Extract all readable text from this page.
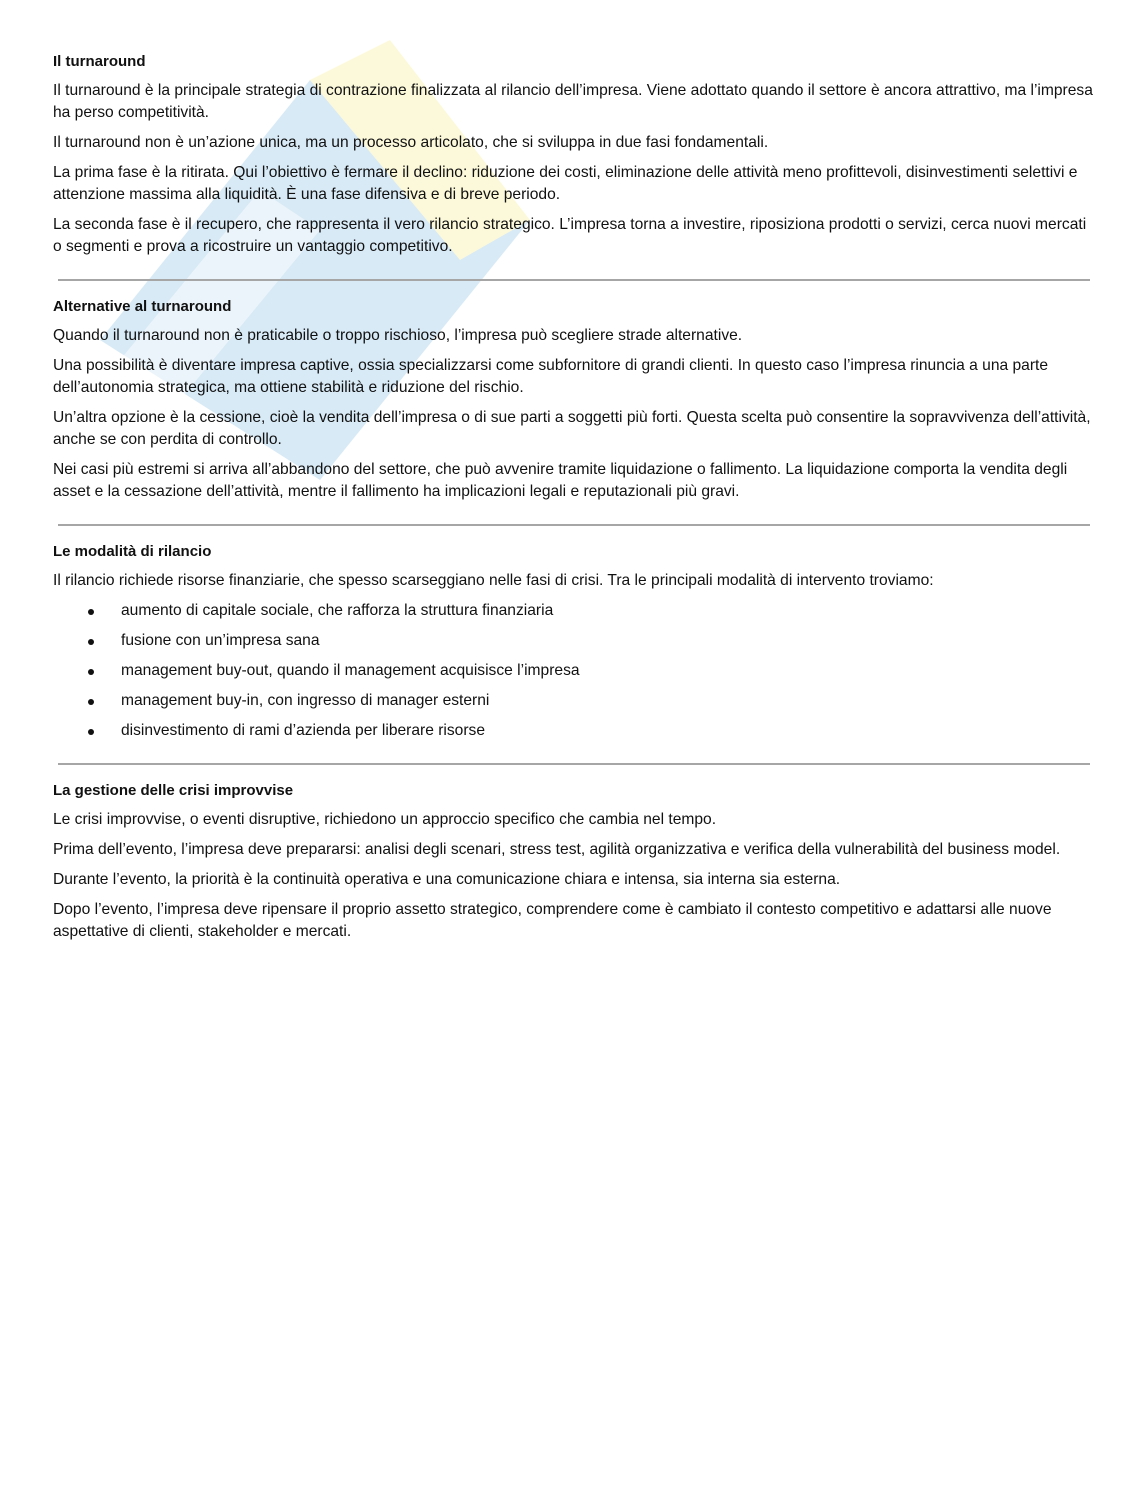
Il turnaround

Il turnaround è la principale strategia di contrazione finalizzata al rilancio dell’impresa. Viene adottato quando il settore è ancora attrattivo, ma l’impresa ha perso competitività.

Il turnaround non è un’azione unica, ma un processo articolato, che si sviluppa in due fasi fondamentali.

La prima fase è la ritirata. Qui l’obiettivo è fermare il declino: riduzione dei costi, eliminazione delle attività meno profittevoli, disinvestimenti selettivi e attenzione massima alla liquidità. È una fase difensiva e di breve periodo.

La seconda fase è il recupero, che rappresenta il vero rilancio strategico. L’impresa torna a investire, riposiziona prodotti o servizi, cerca nuovi mercati o segmenti e prova a ricostruire un vantaggio competitivo.

Alternative al turnaround

Quando il turnaround non è praticabile o troppo rischioso, l’impresa può scegliere strade alternative.

Una possibilità è diventare impresa captive, ossia specializzarsi come subfornitore di grandi clienti. In questo caso l’impresa rinuncia a una parte dell’autonomia strategica, ma ottiene stabilità e riduzione del rischio.

Un’altra opzione è la cessione, cioè la vendita dell’impresa o di sue parti a soggetti più forti. Questa scelta può consentire la sopravvivenza dell’attività, anche se con perdita di controllo.

Nei casi più estremi si arriva all’abbandono del settore, che può avvenire tramite liquidazione o fallimento. La liquidazione comporta la vendita degli asset e la cessazione dell’attività, mentre il fallimento ha implicazioni legali e reputazionali più gravi.

Le modalità di rilancio

Il rilancio richiede risorse finanziarie, che spesso scarseggiano nelle fasi di crisi. Tra le principali modalità di intervento troviamo:

aumento di capitale sociale, che rafforza la struttura finanziaria
fusione con un’impresa sana
management buy-out, quando il management acquisisce l’impresa
management buy-in, con ingresso di manager esterni
disinvestimento di rami d’azienda per liberare risorse
La gestione delle crisi improvvise

Le crisi improvvise, o eventi disruptive, richiedono un approccio specifico che cambia nel tempo.

Prima dell’evento, l’impresa deve prepararsi: analisi degli scenari, stress test, agilità organizzativa e verifica della vulnerabilità del business model.

Durante l’evento, la priorità è la continuità operativa e una comunicazione chiara e intensa, sia interna sia esterna.

Dopo l’evento, l’impresa deve ripensare il proprio assetto strategico, comprendere come è cambiato il contesto competitivo e adattarsi alle nuove aspettative di clienti, stakeholder e mercati.
